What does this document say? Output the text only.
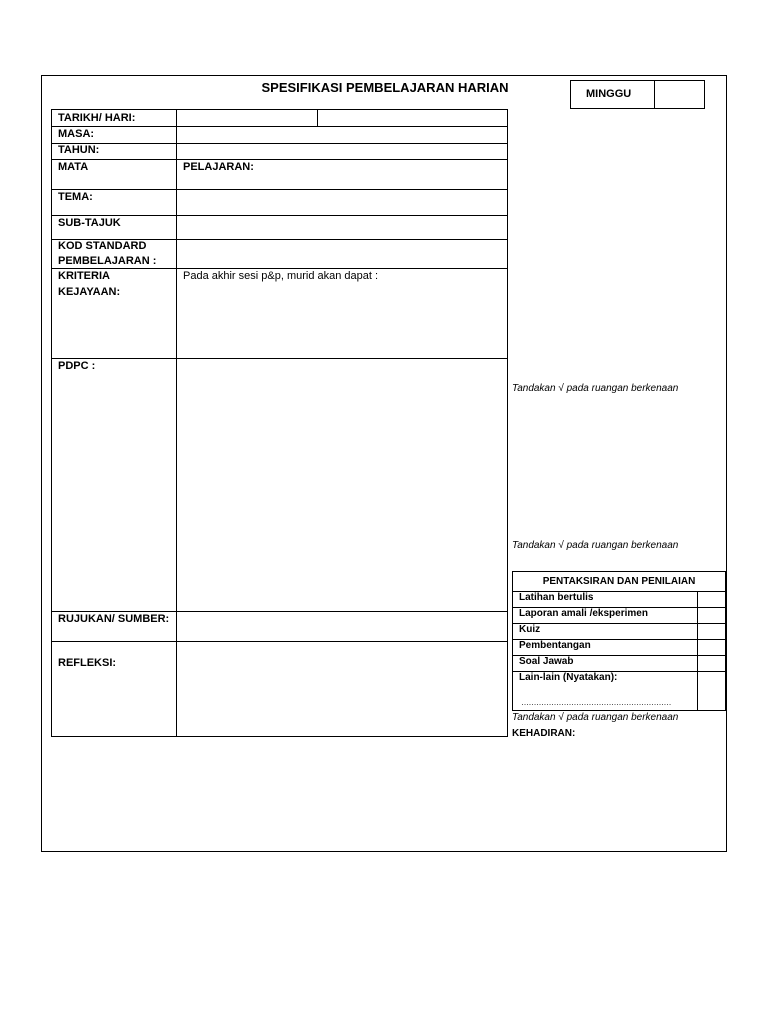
SPESIFIKASI PEMBELAJARAN HARIAN	MINGGU
TARIKH/ HARI:
MASA:
TAHUN:
MATA	PELAJARAN:
TEMA:
SUB-TAJUK
KOD STANDARD
PEMBELAJARAN :
KRITERIA
KEJAYAAN:
Pada akhir sesi p&p, murid akan dapat :
PDPC :
RUJUKAN/ SUMBER:
REFLEKSI:
Tandakan √ pada ruangan berkenaan
Tandakan √ pada ruangan berkenaan
PENTAKSIRAN DAN PENILAIAN
Latihan bertulis
Laporan amali /eksperimen
Kuiz
Pembentangan
Soal Jawab
Lain-lain (Nyatakan):
……………………………………………………
Tandakan √ pada ruangan berkenaan
KEHADIRAN:
